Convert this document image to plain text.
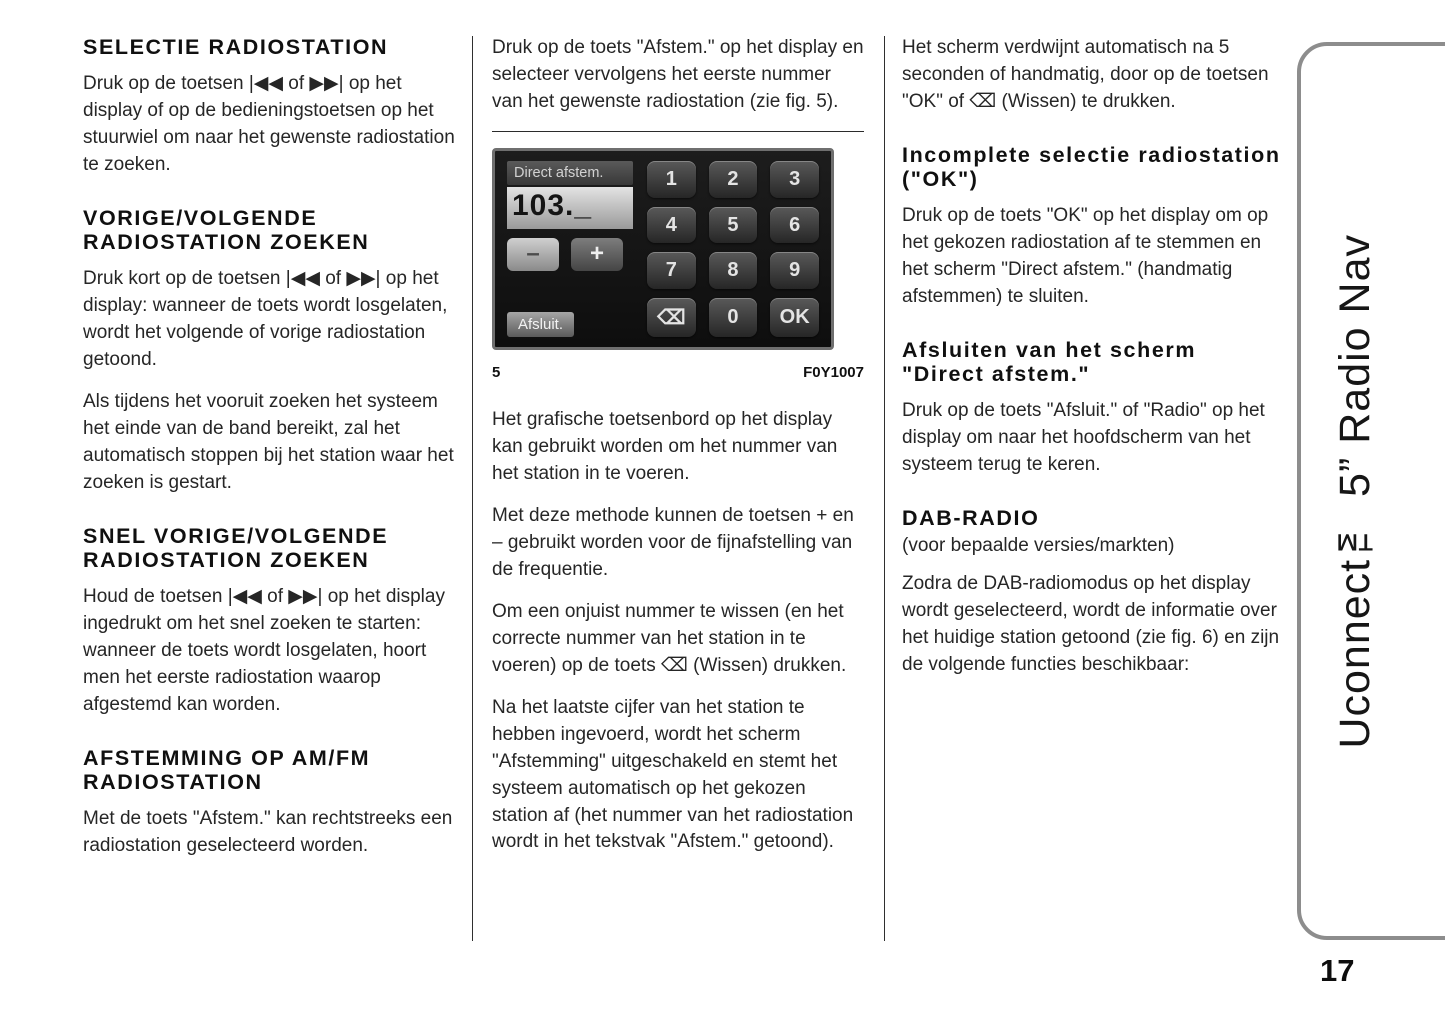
SELECTIE RADIOSTATION

Druk op de toetsen |◀◀ of ▶▶| op het display of op de bedieningstoetsen op het stuurwiel om naar het gewenste radiostation te zoeken.

VORIGE/VOLGENDE RADIOSTATION ZOEKEN

Druk kort op de toetsen |◀◀ of ▶▶| op het display: wanneer de toets wordt losgelaten, wordt het volgende of vorige radiostation getoond.

Als tijdens het vooruit zoeken het systeem het einde van de band bereikt, zal het automatisch stoppen bij het station waar het zoeken is gestart.

SNEL VORIGE/VOLGENDE RADIOSTATION ZOEKEN

Houd de toetsen |◀◀ of ▶▶| op het display ingedrukt om het snel zoeken te starten: wanneer de toets wordt losgelaten, hoort men het eerste radiostation waarop afgestemd kan worden.

AFSTEMMING OP AM/FM RADIOSTATION

Met de toets "Afstem." kan rechtstreeks een radiostation geselecteerd worden.

Druk op de toets "Afstem." op het display en selecteer vervolgens het eerste nummer van het gewenste radiostation (zie fig. 5).

Direct afstem.
103._
–	+
Afsluit.
1	2	3
4	5	6
7	8	9
⌫	0	OK
5	F0Y1007

Het grafische toetsenbord op het display kan gebruikt worden om het nummer van het station in te voeren.

Met deze methode kunnen de toetsen + en – gebruikt worden voor de fijnafstelling van de frequentie.

Om een onjuist nummer te wissen (en het correcte nummer van het station in te voeren) op de toets ⌫ (Wissen) drukken.

Na het laatste cijfer van het station te hebben ingevoerd, wordt het scherm "Afstemming" uitgeschakeld en stemt het systeem automatisch op het gekozen station af (het nummer van het radiostation wordt in het tekstvak "Afstem." getoond).

Het scherm verdwijnt automatisch na 5 seconden of handmatig, door op de toetsen "OK" of ⌫ (Wissen) te drukken.

Incomplete selectie radiostation ("OK")

Druk op de toets "OK" op het display om op het gekozen radiostation af te stemmen en het scherm "Direct afstem." (handmatig afstemmen) te sluiten.

Afsluiten van het scherm "Direct afstem."

Druk op de toets "Afsluit." of "Radio" op het display om naar het hoofdscherm van het systeem terug te keren.

DAB-RADIO

(voor bepaalde versies/markten)

Zodra de DAB-radiomodus op het display wordt geselecteerd, wordt de informatie over het huidige station getoond (zie fig. 6) en zijn de volgende functies beschikbaar:	Uconnect™ 5” Radio Nav
17
